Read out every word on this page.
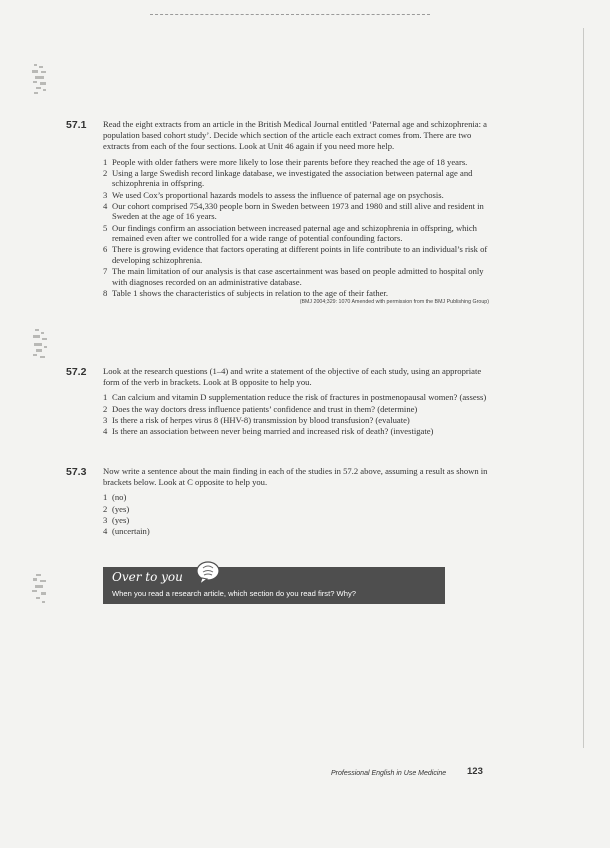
57.1 Read the eight extracts from an article in the British Medical Journal entitled ‘Paternal age and schizophrenia: a population based cohort study’. Decide which section of the article each extract comes from. There are two extracts from each of the four sections. Look at Unit 46 again if you need more help.
1 People with older fathers were more likely to lose their parents before they reached the age of 18 years.
2 Using a large Swedish record linkage database, we investigated the association between paternal age and schizophrenia in offspring.
3 We used Cox’s proportional hazards models to assess the influence of paternal age on psychosis.
4 Our cohort comprised 754,330 people born in Sweden between 1973 and 1980 and still alive and resident in Sweden at the age of 16 years.
5 Our findings confirm an association between increased paternal age and schizophrenia in offspring, which remained even after we controlled for a wide range of potential confounding factors.
6 There is growing evidence that factors operating at different points in life contribute to an individual’s risk of developing schizophrenia.
7 The main limitation of our analysis is that case ascertainment was based on people admitted to hospital only with diagnoses recorded on an administrative database.
8 Table 1 shows the characteristics of subjects in relation to the age of their father.
(BMJ 2004;329: 1070 Amended with permission from the BMJ Publishing Group)
57.2 Look at the research questions (1–4) and write a statement of the objective of each study, using an appropriate form of the verb in brackets. Look at B opposite to help you.
1 Can calcium and vitamin D supplementation reduce the risk of fractures in postmenopausal women? (assess)
2 Does the way doctors dress influence patients’ confidence and trust in them? (determine)
3 Is there a risk of herpes virus 8 (HHV-8) transmission by blood transfusion? (evaluate)
4 Is there an association between never being married and increased risk of death? (investigate)
57.3 Now write a sentence about the main finding in each of the studies in 57.2 above, assuming a result as shown in brackets below. Look at C opposite to help you.
1 (no)
2 (yes)
3 (yes)
4 (uncertain)
Over to you
When you read a research article, which section do you read first? Why?
Professional English in Use Medicine 123
